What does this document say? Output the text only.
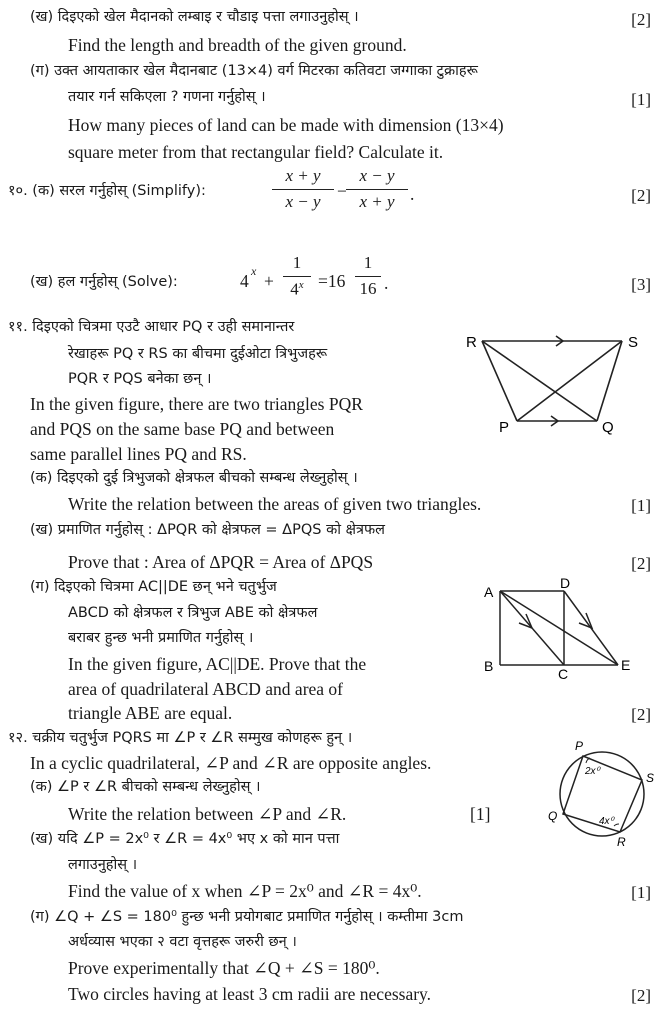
(ख) दिइएको खेल मैदानको लम्बाइ र चौडाइ पत्ता लगाउनुहोस् ।	[2]
Find the length and breadth of the given ground.
(ग) उक्त आयताकार खेल मैदानबाट (13×4) वर्ग मिटरका कतिवटा जग्गाका टुक्राहरू
तयार गर्न सकिएला ? गणना गर्नुहोस् ।	[1]
How many pieces of land can be made with dimension (13×4)
square meter from that rectangular field? Calculate it.
१०. (क) सरल गर्नुहोस् (Simplify):
x + y
x − y
−
x − y
x + y .	[2]
(ख) हल गर्नुहोस् (Solve):	4 x +
1
$4^x =16$
1
16 .	[3]
११. दिइएको चित्रमा एउटै आधार PQ र उही समानान्तर
रेखाहरू PQ र RS का बीचमा दुईओटा त्रिभुजहरू
PQR र PQS बनेका छन् ।
In the given figure, there are two triangles PQR
and PQS on the same base PQ and between
same parallel lines PQ and RS.
R	S
P	Q
(क) दिइएको दुई त्रिभुजको क्षेत्रफल बीचको सम्बन्ध लेख्नुहोस् ।
Write the relation between the areas of given two triangles.	[1]
(ख) प्रमाणित गर्नुहोस् : ΔPQR को क्षेत्रफल = ΔPQS को क्षेत्रफल
Prove that : Area of ΔPQR = Area of ΔPQS	[2]
(ग) दिइएको चित्रमा AC||DE छन् भने चतुर्भुज
ABCD को क्षेत्रफल र त्रिभुज ABE को क्षेत्रफल
बराबर हुन्छ भनी प्रमाणित गर्नुहोस् ।
In the given figure, AC||DE. Prove that the
area of quadrilateral ABCD and area of
triangle ABE are equal.	[2]
A
D
B	C
E
१२. चक्रीय चतुर्भुज PQRS मा ∠P र ∠R सम्मुख कोणहरू हुन् ।
In a cyclic quadrilateral, ∠P and ∠R are opposite angles.
(क) ∠P र ∠R बीचको सम्बन्ध लेख्नुहोस् ।
Write the relation between ∠P and ∠R.	[1]
(ख) यदि ∠P = 2x⁰ र ∠R = 4x⁰ भए x को मान पत्ता
लगाउनुहोस् ।
Find the value of x when ∠P = 2x⁰ and ∠R = 4x⁰.	[1]
(ग) ∠Q + ∠S = 180⁰ हुन्छ भनी प्रयोगबाट प्रमाणित गर्नुहोस् । कम्तीमा 3cm
अर्धव्यास भएका २ वटा वृत्तहरू जरुरी छन् ।
Prove experimentally that ∠Q + ∠S = 180⁰.
Two circles having at least 3 cm radii are necessary.	[2]
P
S
Q
R
2x⁰
4x⁰
